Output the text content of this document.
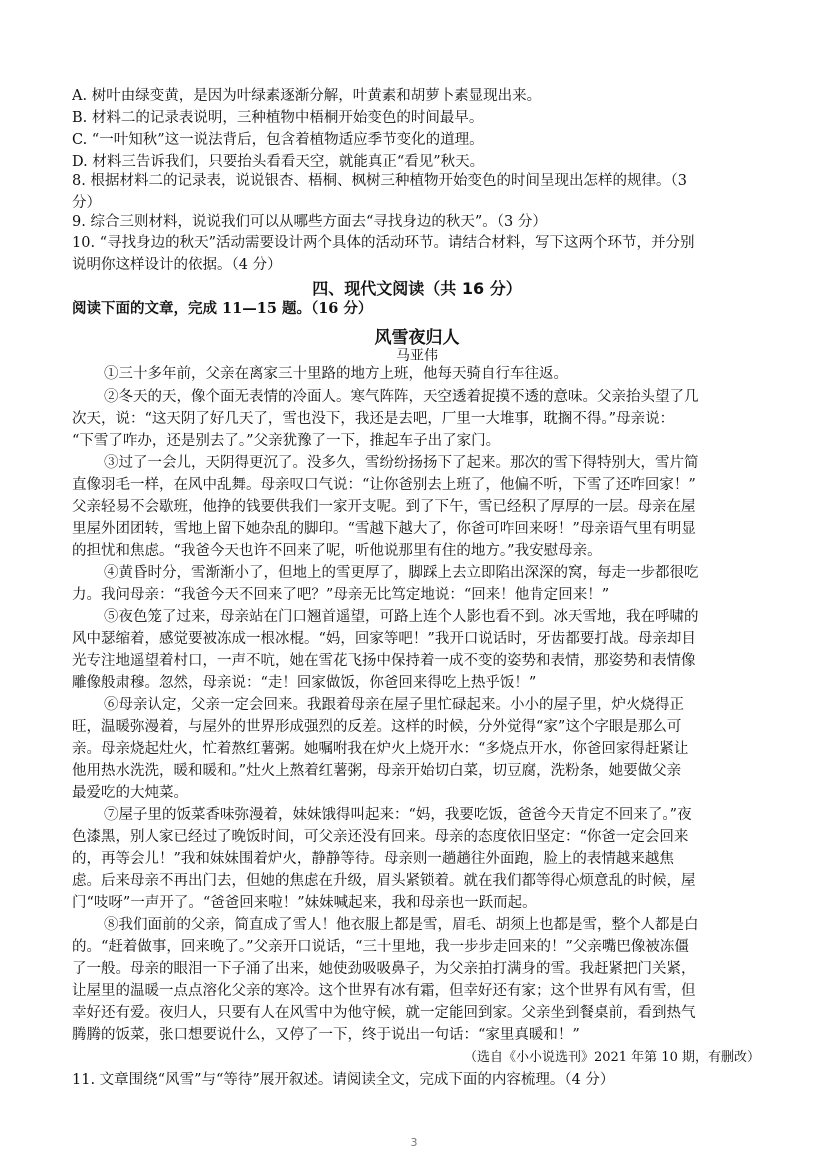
A. 树叶由绿变黄，是因为叶绿素逐渐分解，叶黄素和胡萝卜素显现出来。
B. 材料二的记录表说明，三种植物中梧桐开始变色的时间最早。
C. “一叶知秋”这一说法背后，包含着植物适应季节变化的道理。
D. 材料三告诉我们，只要抬头看看天空，就能真正“看见”秋天。
8. 根据材料二的记录表，说说银杏、梧桐、枫树三种植物开始变色的时间呈现出怎样的规律。（3
分）
9. 综合三则材料，说说我们可以从哪些方面去“寻找身边的秋天”。（3 分）
10. “寻找身边的秋天”活动需要设计两个具体的活动环节。请结合材料，写下这两个环节，并分别
说明你这样设计的依据。（4 分）
四、现代文阅读（共 16 分）
阅读下面的文章，完成 11—15 题。（16 分）
风雪夜归人
马亚伟
①三十多年前，父亲在离家三十里路的地方上班，他每天骑自行车往返。
②冬天的天，像个面无表情的冷面人。寒气阵阵，天空透着捉摸不透的意味。父亲抬头望了几
次天，说：“这天阴了好几天了，雪也没下，我还是去吧，厂里一大堆事，耽搁不得。”母亲说：
“下雪了咋办，还是别去了。”父亲犹豫了一下，推起车子出了家门。
③过了一会儿，天阴得更沉了。没多久，雪纷纷扬扬下了起来。那次的雪下得特别大，雪片简
直像羽毛一样，在风中乱舞。母亲叹口气说：“让你爸别去上班了，他偏不听，下雪了还咋回家！”
父亲轻易不会歇班，他挣的钱要供我们一家开支呢。到了下午，雪已经积了厚厚的一层。母亲在屋
里屋外团团转，雪地上留下她杂乱的脚印。“雪越下越大了，你爸可咋回来呀！”母亲语气里有明显
的担忧和焦虑。“我爸今天也许不回来了呢，听他说那里有住的地方。”我安慰母亲。
④黄昏时分，雪渐渐小了，但地上的雪更厚了，脚踩上去立即陷出深深的窝，每走一步都很吃
力。我问母亲：“我爸今天不回来了吧？”母亲无比笃定地说：“回来！他肯定回来！”
⑤夜色笼了过来，母亲站在门口翘首遥望，可路上连个人影也看不到。冰天雪地，我在呼啸的
风中瑟缩着，感觉要被冻成一根冰棍。“妈，回家等吧！”我开口说话时，牙齿都要打战。母亲却目
光专注地遥望着村口，一声不吭，她在雪花飞扬中保持着一成不变的姿势和表情，那姿势和表情像
雕像般肃穆。忽然，母亲说：“走！回家做饭，你爸回来得吃上热乎饭！”
⑥母亲认定，父亲一定会回来。我跟着母亲在屋子里忙碌起来。小小的屋子里，炉火烧得正
旺，温暖弥漫着，与屋外的世界形成强烈的反差。这样的时候，分外觉得“家”这个字眼是那么可
亲。母亲烧起灶火，忙着熬红薯粥。她嘱咐我在炉火上烧开水：“多烧点开水，你爸回家得赶紧让
他用热水洗洗，暖和暖和。”灶火上熬着红薯粥，母亲开始切白菜，切豆腐，洗粉条，她要做父亲
最爱吃的大炖菜。
⑦屋子里的饭菜香味弥漫着，妹妹饿得叫起来：“妈，我要吃饭，爸爸今天肯定不回来了。”夜
色漆黑，别人家已经过了晚饭时间，可父亲还没有回来。母亲的态度依旧坚定：“你爸一定会回来
的，再等会儿！”我和妹妹围着炉火，静静等待。母亲则一趟趟往外面跑，脸上的表情越来越焦
虑。后来母亲不再出门去，但她的焦虑在升级，眉头紧锁着。就在我们都等得心烦意乱的时候，屋
门“吱呀”一声开了。“爸爸回来啦！”妹妹喊起来，我和母亲也一跃而起。
⑧我们面前的父亲，简直成了雪人！他衣服上都是雪，眉毛、胡须上也都是雪，整个人都是白
的。“赶着做事，回来晚了。”父亲开口说话，“三十里地，我一步步走回来的！”父亲嘴巴像被冻僵
了一般。母亲的眼泪一下子涌了出来，她使劲吸吸鼻子，为父亲拍打满身的雪。我赶紧把门关紧，
让屋里的温暖一点点溶化父亲的寒冷。这个世界有冰有霜，但幸好还有家；这个世界有风有雪，但
幸好还有爱。夜归人，只要有人在风雪中为他守候，就一定能回到家。父亲坐到餐桌前，看到热气
腾腾的饭菜，张口想要说什么，又停了一下，终于说出一句话：“家里真暖和！”
（选自《小小说选刊》2021 年第 10 期，有删改）
11. 文章围绕“风雪”与“等待”展开叙述。请阅读全文，完成下面的内容梳理。（4 分）
3
